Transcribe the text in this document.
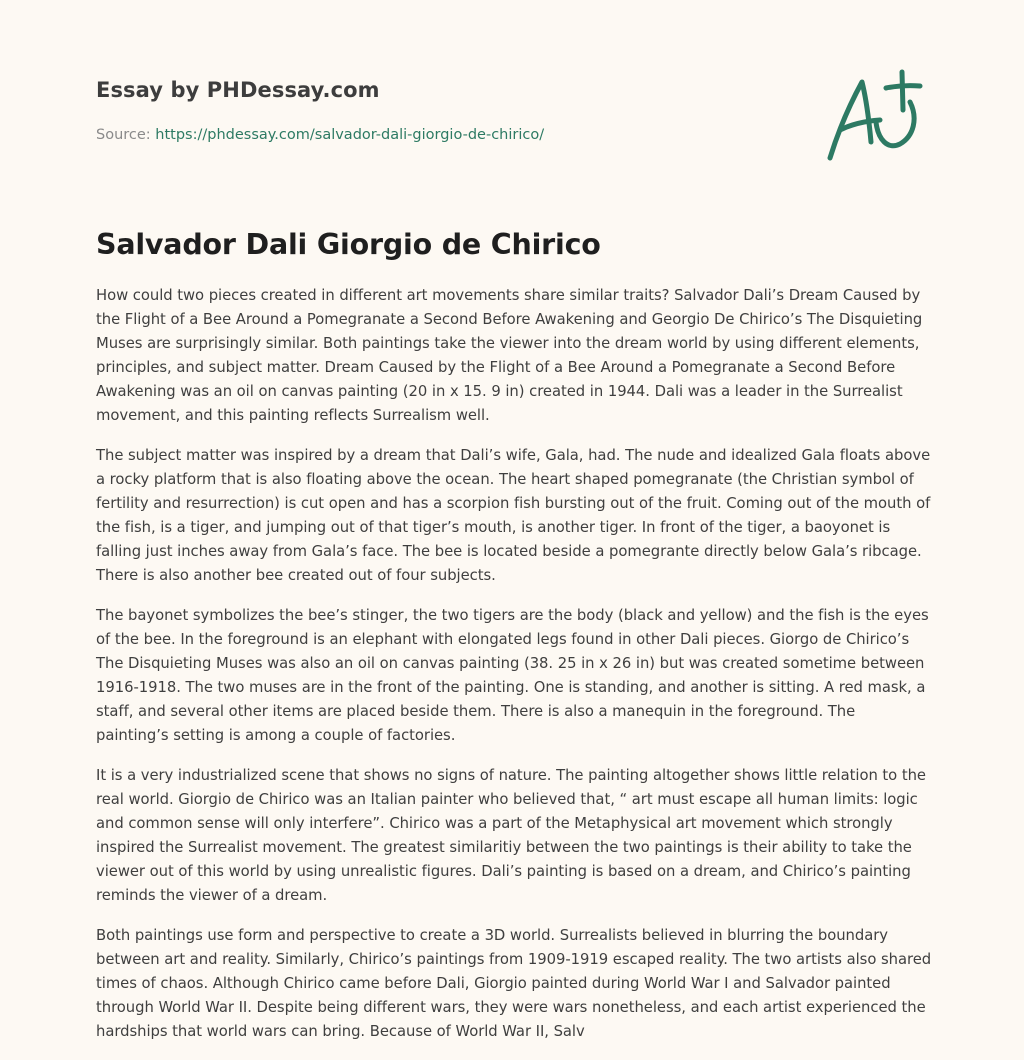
Essay by PHDessay.com
Source: https://phdessay.com/salvador-dali-giorgio-de-chirico/
Salvador Dali Giorgio de Chirico

How could two pieces created in different art movements share similar traits? Salvador Dali’s Dream Caused by the Flight of a Bee Around a Pomegranate a Second Before Awakening and Georgio De Chirico’s The Disquieting Muses are surprisingly similar. Both paintings take the viewer into the dream world by using different elements, principles, and subject matter. Dream Caused by the Flight of a Bee Around a Pomegranate a Second Before Awakening was an oil on canvas painting (20 in x 15. 9 in) created in 1944. Dali was a leader in the Surrealist movement, and this painting reflects Surrealism well.

The subject matter was inspired by a dream that Dali’s wife, Gala, had. The nude and idealized Gala floats above a rocky platform that is also floating above the ocean. The heart shaped pomegranate (the Christian symbol of fertility and resurrection) is cut open and has a scorpion fish bursting out of the fruit. Coming out of the mouth of the fish, is a tiger, and jumping out of that tiger’s mouth, is another tiger. In front of the tiger, a baoyonet is falling just inches away from Gala’s face. The bee is located beside a pomegrante directly below Gala’s ribcage. There is also another bee created out of four subjects.

The bayonet symbolizes the bee’s stinger, the two tigers are the body (black and yellow) and the fish is the eyes of the bee. In the foreground is an elephant with elongated legs found in other Dali pieces. Giorgo de Chirico’s The Disquieting Muses was also an oil on canvas painting (38. 25 in x 26 in) but was created sometime between 1916-1918. The two muses are in the front of the painting. One is standing, and another is sitting. A red mask, a staff, and several other items are placed beside them. There is also a manequin in the foreground. The painting’s setting is among a couple of factories.

It is a very industrialized scene that shows no signs of nature. The painting altogether shows little relation to the real world. Giorgio de Chirico was an Italian painter who believed that, “ art must escape all human limits: logic and common sense will only interfere”. Chirico was a part of the Metaphysical art movement which strongly inspired the Surrealist movement. The greatest similaritiy between the two paintings is their ability to take the viewer out of this world by using unrealistic figures. Dali’s painting is based on a dream, and Chirico’s painting reminds the viewer of a dream.

Both paintings use form and perspective to create a 3D world. Surrealists believed in blurring the boundary between art and reality. Similarly, Chirico’s paintings from 1909-1919 escaped reality. The two artists also shared times of chaos. Although Chirico came before Dali, Giorgio painted during World War I and Salvador painted through World War II. Despite being different wars, they were wars nonetheless, and each artist experienced the hardships that world wars can bring. Because of World War II, Salv
